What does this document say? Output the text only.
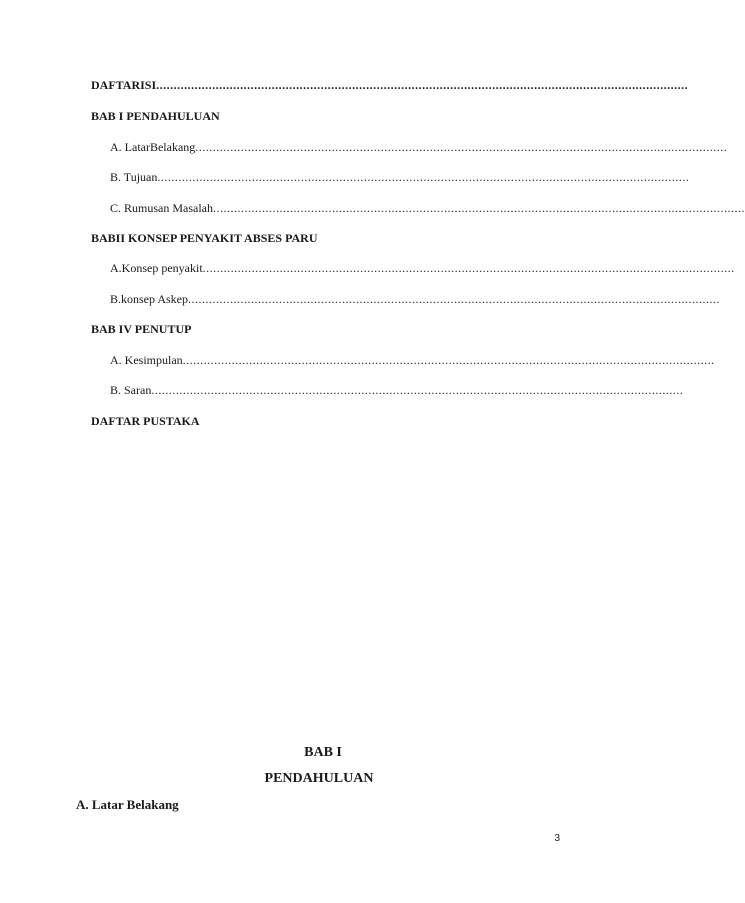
DAFTARISI ........................................................................................................................................................
BAB I PENDAHULUAN
A. LatarBelakang ........................................................................................................................................................
B. Tujuan ........................................................................................................................................................
C. Rumusan Masalah ........................................................................................................................................................
BABII KONSEP PENYAKIT ABSES PARU
A.Konsep penyakit ........................................................................................................................................................
B.konsep Askep ........................................................................................................................................................
BAB IV PENUTUP
A. Kesimpulan ........................................................................................................................................................
B. Saran ........................................................................................................................................................
DAFTAR PUSTAKA
BAB I
PENDAHULUAN
A. Latar Belakang
3
